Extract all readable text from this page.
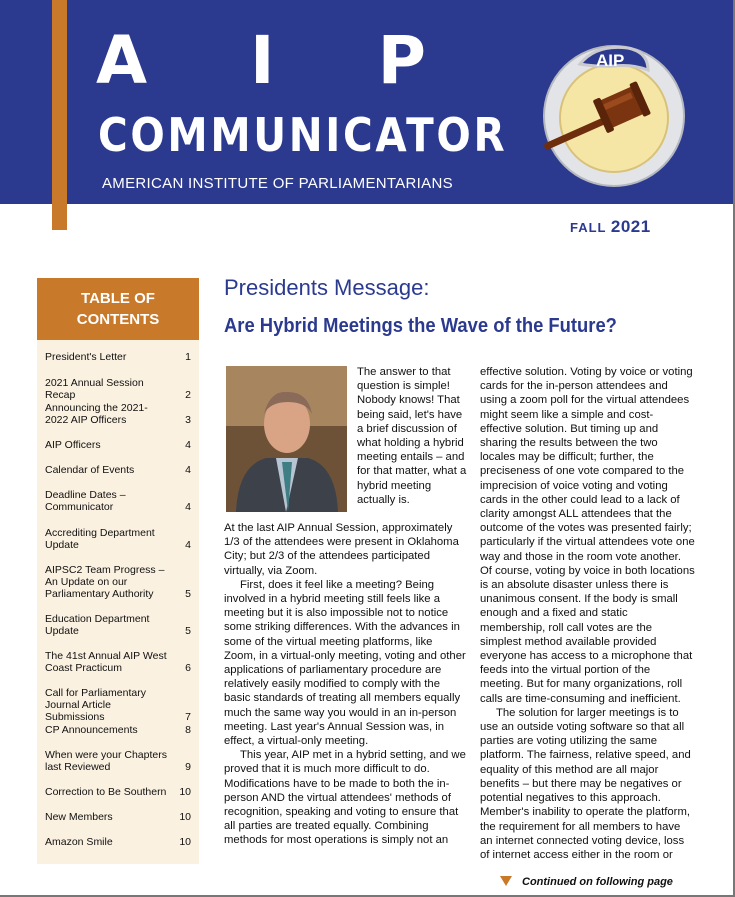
A I P
COMMUNICATOR
AMERICAN INSTITUTE OF PARLIAMENTARIANS
AIP
FALL 2021
TABLE OF
CONTENTS
President's Letter	1
2021 Annual Session Recap	2
Announcing the 2021-2022 AIP Officers	3
AIP Officers	4
Calendar of Events	4
Deadline Dates – Communicator	4
Accrediting Department Update	4
AIPSC2 Team Progress – An Update on our Parliamentary Authority	5
Education Department Update	5
The 41st Annual AIP West Coast Practicum	6
Call for Parliamentary Journal Article Submissions	7
CP Announcements	8
When were your Chapters last Reviewed	9
Correction to Be Southern	10
New Members	10
Amazon Smile	10
Presidents Message:
Are Hybrid Meetings the Wave of the Future?
The answer to that question is simple! Nobody knows! That being said, let's have a brief discussion of what holding a hybrid meeting entails – and for that matter, what a hybrid meeting actually is.

At the last AIP Annual Session, approximately 1/3 of the attendees were present in Oklahoma City; but 2/3 of the attendees participated virtually, via Zoom.

First, does it feel like a meeting? Being involved in a hybrid meeting still feels like a meeting but it is also impossible not to notice some striking differences. With the advances in some of the virtual meeting platforms, like Zoom, in a virtual-only meeting, voting and other applications of parliamentary procedure are relatively easily modified to comply with the basic standards of treating all members equally much the same way you would in an in-person meeting. Last year's Annual Session was, in effect, a virtual-only meeting.

This year, AIP met in a hybrid setting, and we proved that it is much more difficult to do. Modifications have to be made to both the in-person AND the virtual attendees' methods of recognition, speaking and voting to ensure that all parties are treated equally. Combining methods for most operations is simply not an

effective solution. Voting by voice or voting cards for the in-person attendees and using a zoom poll for the virtual attendees might seem like a simple and cost-effective solution. But timing up and sharing the results between the two locales may be difficult; further, the preciseness of one vote compared to the imprecision of voice voting and voting cards in the other could lead to a lack of clarity amongst ALL attendees that the outcome of the votes was presented fairly; particularly if the virtual attendees vote one way and those in the room vote another. Of course, voting by voice in both locations is an absolute disaster unless there is unanimous consent. If the body is small enough and a fixed and static membership, roll call votes are the simplest method available provided everyone has access to a microphone that feeds into the virtual portion of the meeting. But for many organizations, roll calls are time-consuming and inefficient.

The solution for larger meetings is to use an outside voting software so that all parties are voting utilizing the same platform. The fairness, relative speed, and equality of this method are all major benefits – but there may be negatives or potential negatives to this approach. Member's inability to operate the platform, the requirement for all members to have an internet connected voting device, loss of internet access either in the room or

Continued on following page
